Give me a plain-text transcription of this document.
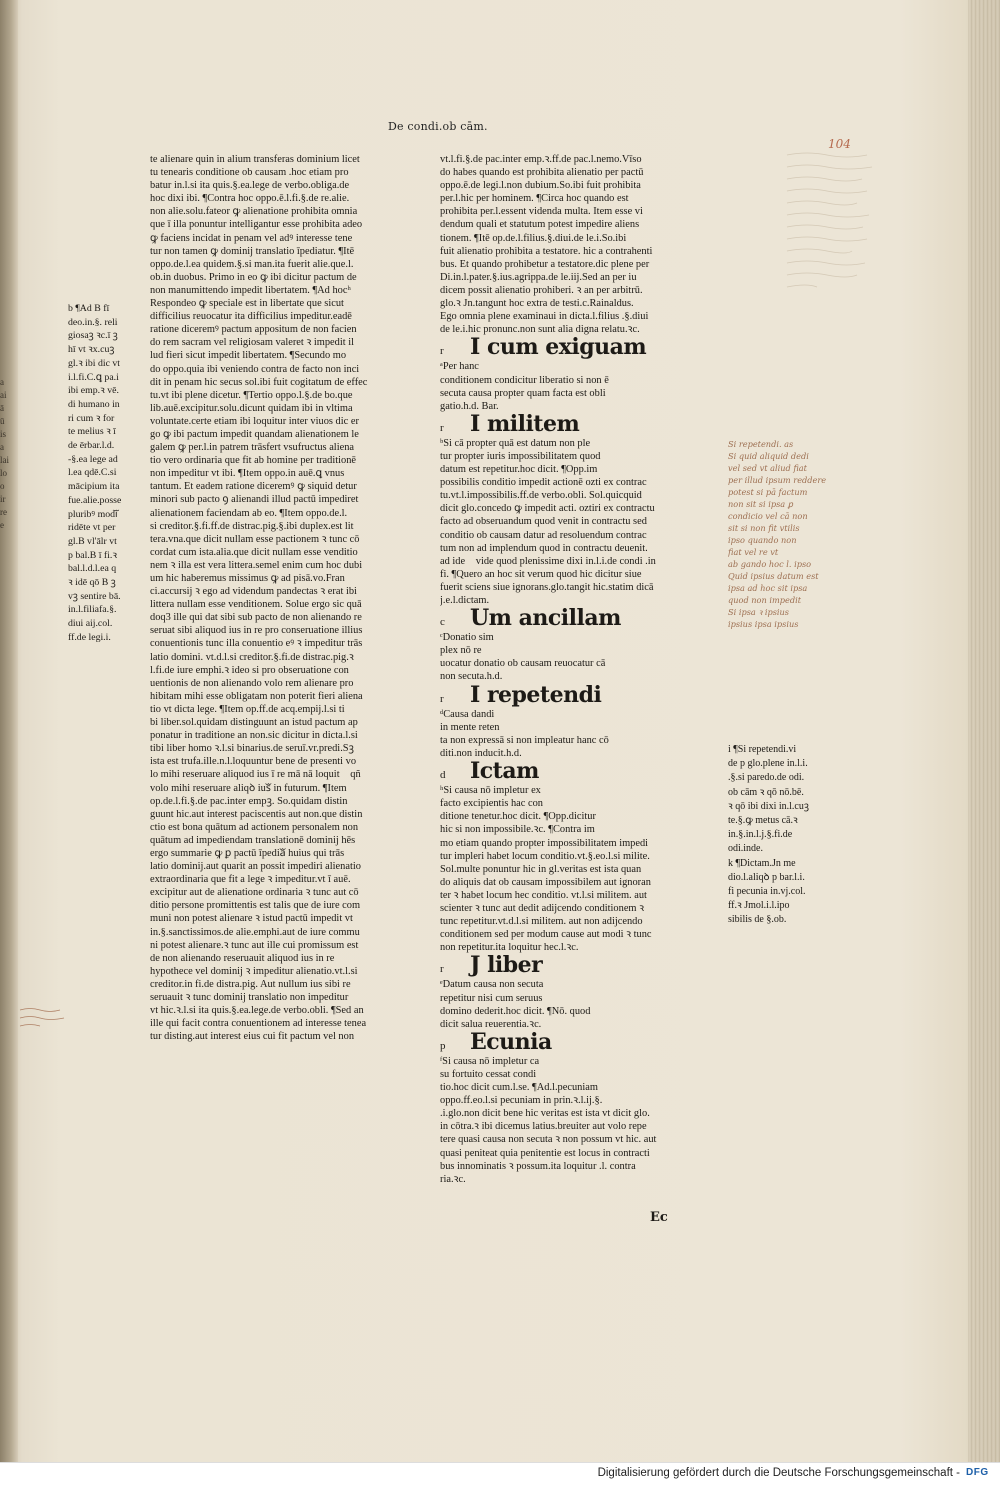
De condi.ob cām.
104
a
ai
ā
ū
is
a
lai
lo
o
ir
re
e
b ¶Ad B fī
deo.in.§. reli
giosaꝫ ꝛc.ī ꝫ
hī vt ꝛx.cuꝫ
gl.ꝛ ibi dic vt
i.l.fi.C.ꝗ pa.i
ibi emp.ꝛ vē.
di humano in
ri cum ꝛ for
te melius ꝛ ī
de ērbar.l.d.
-§.ea lege ad
l.ea qdē.C.si
mācipium ita
fue.alie.posseᷓ
pluribꝰ modiᷓ
ridēte vt per
gl.B vl'ālr vt
p bal.B ī fi.ꝛ
bal.l.d.l.ea q
ꝛ idē qō B ꝫ
vꝫ sentire bā.
in.l.filiafa.§.
diui aij.col.
ff.de legi.i.
te alienare quin in alium transferas dominium licet
tu tenearis conditione ob causam .hoc etiam pro
batur in.l.si ita quis.§.ea.lege de verbo.obliga.de
hoc dixi ibi. ¶Contra hoc oppo.ē.l.fi.§.de re.alie.
non alie.solu.fateor ꝙ alienatione prohibita omnia
que ī illa ponuntur intelligantur esse prohibita adeo
ꝙ faciens incidat in penam vel adꝰ interesse tene
tur non tamen ꝙ dominij translatio īpediatur. ¶Itē
oppo.de.l.ea quidem.§.si man.ita fuerit alie.que.l.
ob.in duobus. Primo in eo ꝙ ibi dicitur pactum de
non manumittendo impedit libertatem. ¶Ad hocʰ
Respondeo ꝙ speciale est in libertate que sicut
difficilius reuocatur ita difficilius impeditur.eadē
ratione diceremꝰ pactum appositum de non facien
do rem sacram vel religiosam valeret ꝛ impedit il
lud fieri sicut impedit libertatem. ¶Secundo mo
do oppo.quia ibi veniendo contra de facto non inci
dit in penam hic secus sol.ibi fuit cogitatum de effec
tu.vt ibi plene dicetur. ¶Tertio oppo.l.§.de bo.que
lib.auē.excipitur.solu.dicunt quidam ibi in vltima
voluntate.certe etiam ibi loquitur inter viuos dic er
go ꝙ ibi pactum impedit quandam alienationem le
galem ꝙ per.l.in patrem trāsfert vsufructus aliena
tio vero ordinaria que fit ab homine per traditionē
non impeditur vt ibi. ¶Item oppo.in auē.ꝗ vnus
tantum. Et eadem ratione diceremꝰ ꝙ siquid detur
minori sub pacto ꝯ alienandi illud pactū impediret
alienationem faciendam ab eo. ¶Item oppo.de.l.
si creditor.§.fi.ff.de distrac.pig.§.ibi duplex.est lit
tera.vna.que dicit nullam esse pactionem ꝛ tunc cō
cordat cum ista.alia.que dicit nullam esse venditio
nem ꝛ illa est vera littera.semel enim cum hoc dubi
um hic haberemus missimus ꝙ ad pisā.vo.Fran
ci.accursij ꝛ ego ad videndum pandectas ꝛ erat ibi
littera nullam esse venditionem. Solue ergo sic quā
doq3 ille qui dat sibi sub pacto de non alienando re
seruat sibi aliquod ius in re pro conseruatione illius
conuentionis tunc illa conuentio eꝰ ꝛ impeditur trās
latio domini. vt.d.l.si creditor.§.fi.de distrac.pig.ꝛ
l.fi.de iure emphi.ꝛ ideo si pro obseruatione con
uentionis de non alienando volo rem alienare pro
hibitam mihi esse obligatam non poterit fieri aliena
tio vt dicta lege. ¶Item op.ff.de acq.empij.l.si ti
bi liber.sol.quidam distinguunt an istud pactum ap
ponatur in traditione an non.sic dicitur in dicta.l.si
tibi liber homo ꝛ.l.si binarius.de seruī.vr.predi.Sꝫ
ista est trufa.ille.n.l.loquuntur bene de presenti vo
lo mihi reseruare aliquod ius ī re mā nā loquitᷓ qñ
volo mihi reseruare aliqꝺ iusᷓ in futurum. ¶Item
op.de.l.fi.§.de pac.inter empꝫ. So.quidam distin
guunt hic.aut interest paciscentis aut non.que distin
ctio est bona quātum ad actionem personalem non
quātum ad impediendam translationē dominij hēs
ergo summarie ꝙ ꝑ pactū īpediaᷓ huius qui trās
latio dominij.aut quarit an possit impediri alienatio
extraordinaria que fit a lege ꝛ impeditur.vt ī auē.
excipitur aut de alienatione ordinaria ꝛ tunc aut cō
ditio persone promittentis est talis que de iure com
muni non potest alienare ꝛ istud pactū impedit vt
in.§.sanctissimos.de alie.emphi.aut de iure commu
ni potest alienare.ꝛ tunc aut ille cui promissum est
de non alienando reseruauit aliquod ius in re
hypothece vel dominij ꝛ impeditur alienatio.vt.l.si
creditor.in fi.de distra.pig. Aut nullum ius sibi re
seruauit ꝛ tunc dominij translatio non impeditur
vt hic.ꝛ.l.si ita quis.§.ea.lege.de verbo.obli. ¶Sed an
ille qui facit contra conuentionem ad interesse tenea
tur disting.aut interest eius cui fit pactum vel non
vt.l.fi.§.de pac.inter emp.ꝛ.ff.de pac.l.nemo.Vīso
do habes quando est prohibita alienatio per pactū
oppo.ē.de legi.l.non dubium.So.ibi fuit prohibita
per.l.hic per hominem. ¶Circa hoc quando est
prohibita per.l.essent videnda multa. Item esse vi
dendum quali et statutum potest impedire aliens
tionem. ¶Itē op.de.l.filius.§.diui.de le.i.So.ibi
fuit alienatio prohibita a testatore. hic a contrahenti
bus. Et quando prohibetur a testatore.dic plene per
Di.in.l.pater.§.ius.agrippa.de le.iij.Sed an per iu
dicem possit alienatio prohiberi. ꝛ an per arbitrū.
glo.ꝛ Jn.tangunt hoc extra de testi.c.Rainaldus.
Ego omnia plene examinaui in dicta.l.filius .§.diui
de le.i.hic pronunc.non sunt alia digna relatu.ꝛc.
r I cum exiguam
ᵃPer hanc
conditionem condicitur liberatio si non ē
secuta causa propter quam facta est obli
gatio.h.d. Bar.
r I militem
ᵇSi cā propter quā est datum non ple
tur propter iuris impossibilitatem quod
datum est repetitur.hoc dicit. ¶Opp.im
possibilis conditio impedit actionē ozti ex contrac
tu.vt.l.impossibilis.ff.de verbo.obli. Sol.quicquid
dicit glo.concedo ꝙ impedit acti. oztiri ex contractu
facto ad obseruandum quod venit in contractu sed
conditio ob causam datur ad resoluendum contrac
tum non ad implendum quod in contractu deuenit.
ad ideᷓ vide quod plenissime dixi in.l.i.de condi .in
fi. ¶Quero an hoc sit verum quod hic dicitur siue
fuerit sciens siue ignorans.glo.tangit hic.statim dicā
j.e.l.dictam.
c Um ancillam
ᶜDonatio sim
plex nō re
uocatur donatio ob causam reuocatur cā
non secuta.h.d.
r I repetendi
ᵈCausa dandi
in mente reten
ta non expressā si non impleatur hanc cō
diti.non inducit.h.d.
d Ictam
ʰSi causa nō impletur ex
facto excipientis hac con
ditione tenetur.hoc dicit. ¶Opp.dicitur
hic si non impossibile.ꝛc. ¶Contra im
mo etiam quando propter impossibilitatem impedi
tur impleri habet locum conditio.vt.§.eo.l.si milite.
Sol.multe ponuntur hic in gl.veritas est ista quan
do aliquis dat ob causam impossibilem aut ignoran
ter ꝛ habet locum hec conditio. vt.l.si militem. aut
scienter ꝛ tunc aut dedit adijcendo conditionem ꝛ
tunc repetitur.vt.d.l.si militem. aut non adijcendo
conditionem sed per modum cause aut modi ꝛ tunc
non repetitur.ita loquitur hec.l.ꝛc.
r J liber
ᵉDatum causa non secuta
repetitur nisi cum seruus
domino dederit.hoc dicit. ¶Nō. quod
dicit salua reuerentia.ꝛc.
p Ecunia
ᶠSi causa nō impletur ca
su fortuito cessat condi
tio.hoc dicit cum.l.se. ¶Ad.l.pecuniam
oppo.ff.eo.l.si pecuniam in prin.ꝛ.l.ij.§.
.i.glo.non dicit bene hic veritas est ista vt dicit glo.
in cōtra.ꝛ ibi dicemus latius.breuiter aut volo repe
tere quasi causa non secuta ꝛ non possum vt hic. aut
quasi peniteat quia penitentie est locus in contracti
bus innominatis ꝛ possum.ita loquitur .l. contra
ria.ꝛc.
Si repetendi. as
Si quid aliquid dedi
vel sed vt aliud fiat
per illud ipsum reddere
potest si pā factum
non sit si ipsa ꝑ
condicio vel cā non
sit si non fit vtilis
ipso quando non
fiat vel re vt
ab gando hoc l. ipso
Quid ipsius datum est
ipsa ad hoc sit ipsa
quod non impedit
Si ipsa ꝛ ipsius
ipsius ipsa ipsius
Ec
i ¶Si repetendi.vi
de p glo.plene in.l.i.
.§.si paredo.de odi.
ob cām ꝛ qō nō.bē.
ꝛ qō ibi dixi in.l.cuꝫ
te.§.ꝙ metus cā.ꝛ
in.§.in.l.j.§.fi.de
odi.inde.
k ¶Dictam.Jn me
dio.l.aliqꝺ p bar.l.i.
fi pecunia in.vj.col.
ff.ꝛ Jmol.i.l.ipo
sibilis de §.ob.
Digitalisierung gefördert durch die Deutsche Forschungsgemeinschaft - DFG
